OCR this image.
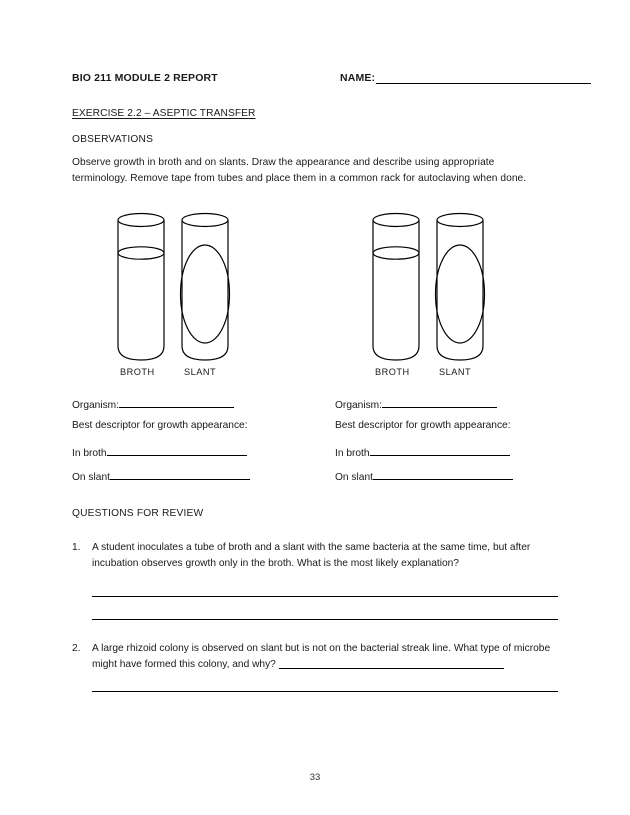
BIO 211 MODULE 2 REPORT	NAME:
EXERCISE 2.2 – ASEPTIC TRANSFER
OBSERVATIONS
Observe growth in broth and on slants. Draw the appearance and describe using appropriate terminology. Remove tape from tubes and place them in a common rack for autoclaving when done.
BROTH	SLANT	BROTH	SLANT
Organism:
Best descriptor for growth appearance:
In broth
On slant
Organism:
Best descriptor for growth appearance:
In broth
On slant
QUESTIONS FOR REVIEW
1.	A student inoculates a tube of broth and a slant with the same bacteria at the same time, but after incubation observes growth only in the broth. What is the most likely explanation?
2.	A large rhizoid colony is observed on slant but is not on the bacterial streak line. What type of microbe might have formed this colony, and why?
33
